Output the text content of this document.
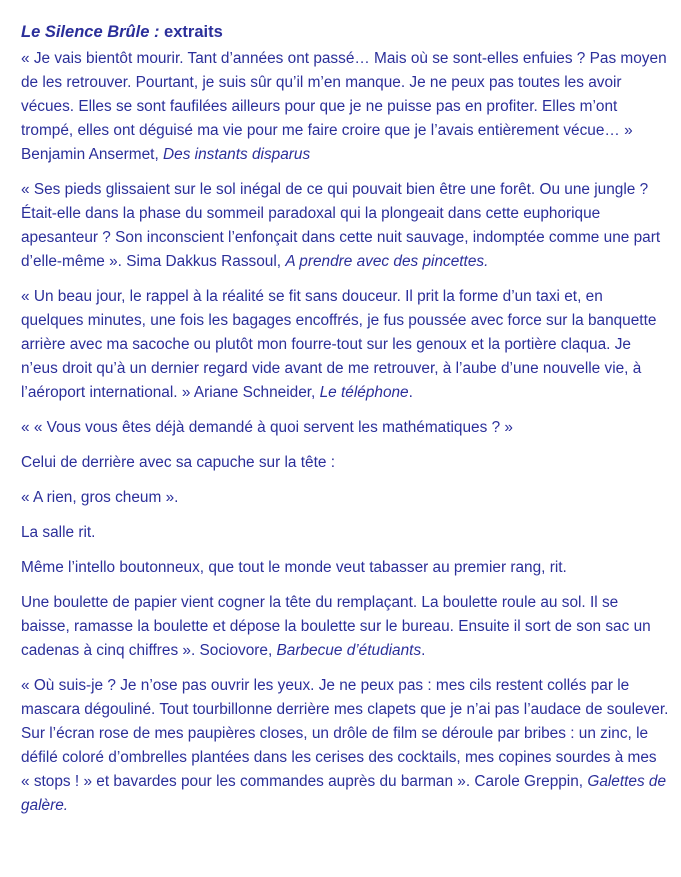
Le Silence Brûle : extraits

« Je vais bientôt mourir. Tant d’années ont passé… Mais où se sont-elles enfuies ? Pas moyen de les retrouver. Pourtant, je suis sûr qu’il m’en manque. Je ne peux pas toutes les avoir vécues. Elles se sont faufilées ailleurs pour que je ne puisse pas en profiter. Elles m’ont trompé, elles ont déguisé ma vie pour me faire croire que je l’avais entièrement vécue… » Benjamin Ansermet, Des instants disparus

« Ses pieds glissaient sur le sol inégal de ce qui pouvait bien être une forêt. Ou une jungle ? Était-elle dans la phase du sommeil paradoxal qui la plongeait dans cette euphorique apesanteur ? Son inconscient l’enfonçait dans cette nuit sauvage, indomptée comme une part d’elle-même ». Sima Dakkus Rassoul, A prendre avec des pincettes.

« Un beau jour, le rappel à la réalité se fit sans douceur. Il prit la forme d’un taxi et, en quelques minutes, une fois les bagages encoffrés, je fus poussée avec force sur la banquette arrière avec ma sacoche ou plutôt mon fourre-tout sur les genoux et la portière claqua. Je n’eus droit qu’à un dernier regard vide avant de me retrouver, à l’aube d’une nouvelle vie, à l’aéroport international. » Ariane Schneider, Le téléphone.

« « Vous vous êtes déjà demandé à quoi servent les mathématiques ? »

Celui de derrière avec sa capuche sur la tête :

« A rien, gros cheum ».

La salle rit.

Même l’intello boutonneux, que tout le monde veut tabasser au premier rang, rit.

Une boulette de papier vient cogner la tête du remplaçant. La boulette roule au sol. Il se baisse, ramasse la boulette et dépose la boulette sur le bureau. Ensuite il sort de son sac un cadenas à cinq chiffres ». Sociovore, Barbecue d’étudiants.

« Où suis-je ? Je n’ose pas ouvrir les yeux. Je ne peux pas : mes cils restent collés par le mascara dégouliné. Tout tourbillonne derrière mes clapets que je n’ai pas l’audace de soulever. Sur l’écran rose de mes paupières closes, un drôle de film se déroule par bribes : un zinc, le défilé coloré d’ombrelles plantées dans les cerises des cocktails, mes copines sourdes à mes « stops ! » et bavardes pour les commandes auprès du barman ». Carole Greppin, Galettes de galère.
